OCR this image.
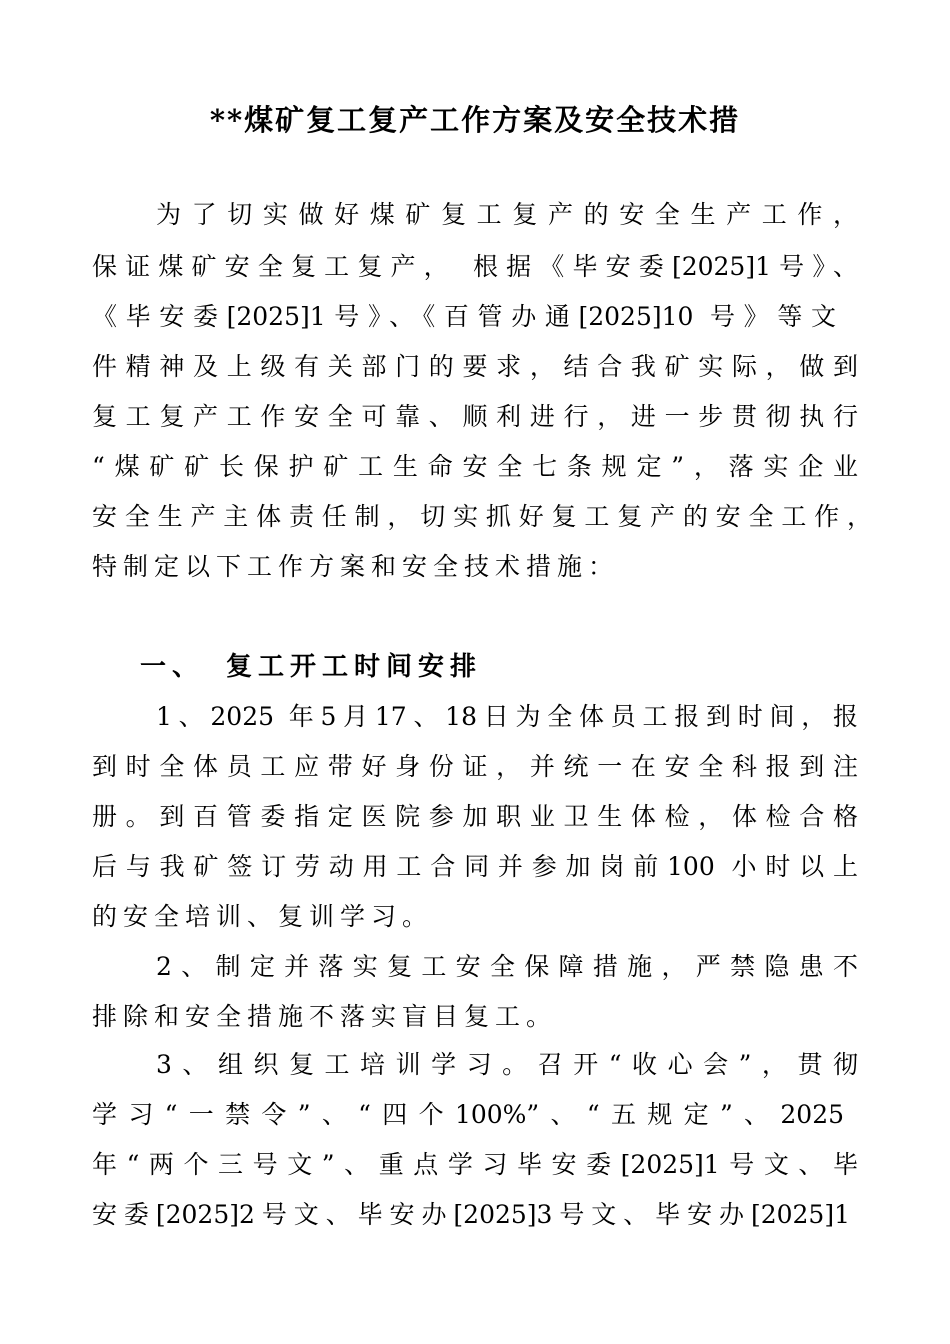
**煤矿复工复产工作方案及安全技术措
为了切实做好煤矿复工复产的安全生产工作，
保证煤矿安全复工复产， 根据《毕安委[2025]1号》、
《毕安委[2025]1号》、《百管办通[2025]10 号》等文
件精神及上级有关部门的要求，结合我矿实际，做到
复工复产工作安全可靠、顺利进行，进一步贯彻执行
“煤矿矿长保护矿工生命安全七条规定”，落实企业
安全生产主体责任制，切实抓好复工复产的安全工作，
特制定以下工作方案和安全技术措施：
一、 复工开工时间安排
1、2025 年5月17、18日为全体员工报到时间，报
到时全体员工应带好身份证，并统一在安全科报到注
册。到百管委指定医院参加职业卫生体检，体检合格
后与我矿签订劳动用工合同并参加岗前100 小时以上
的安全培训、复训学习。
2、制定并落实复工安全保障措施，严禁隐患不
排除和安全措施不落实盲目复工。
3、组织复工培训学习。召开“收心会”，贯彻
学习“一禁令”、“四个100%”、“五规定”、2025
年“两个三号文”、重点学习毕安委[2025]1号文、毕
安委[2025]2号文、毕安办[2025]3号文、毕安办[2025]1
